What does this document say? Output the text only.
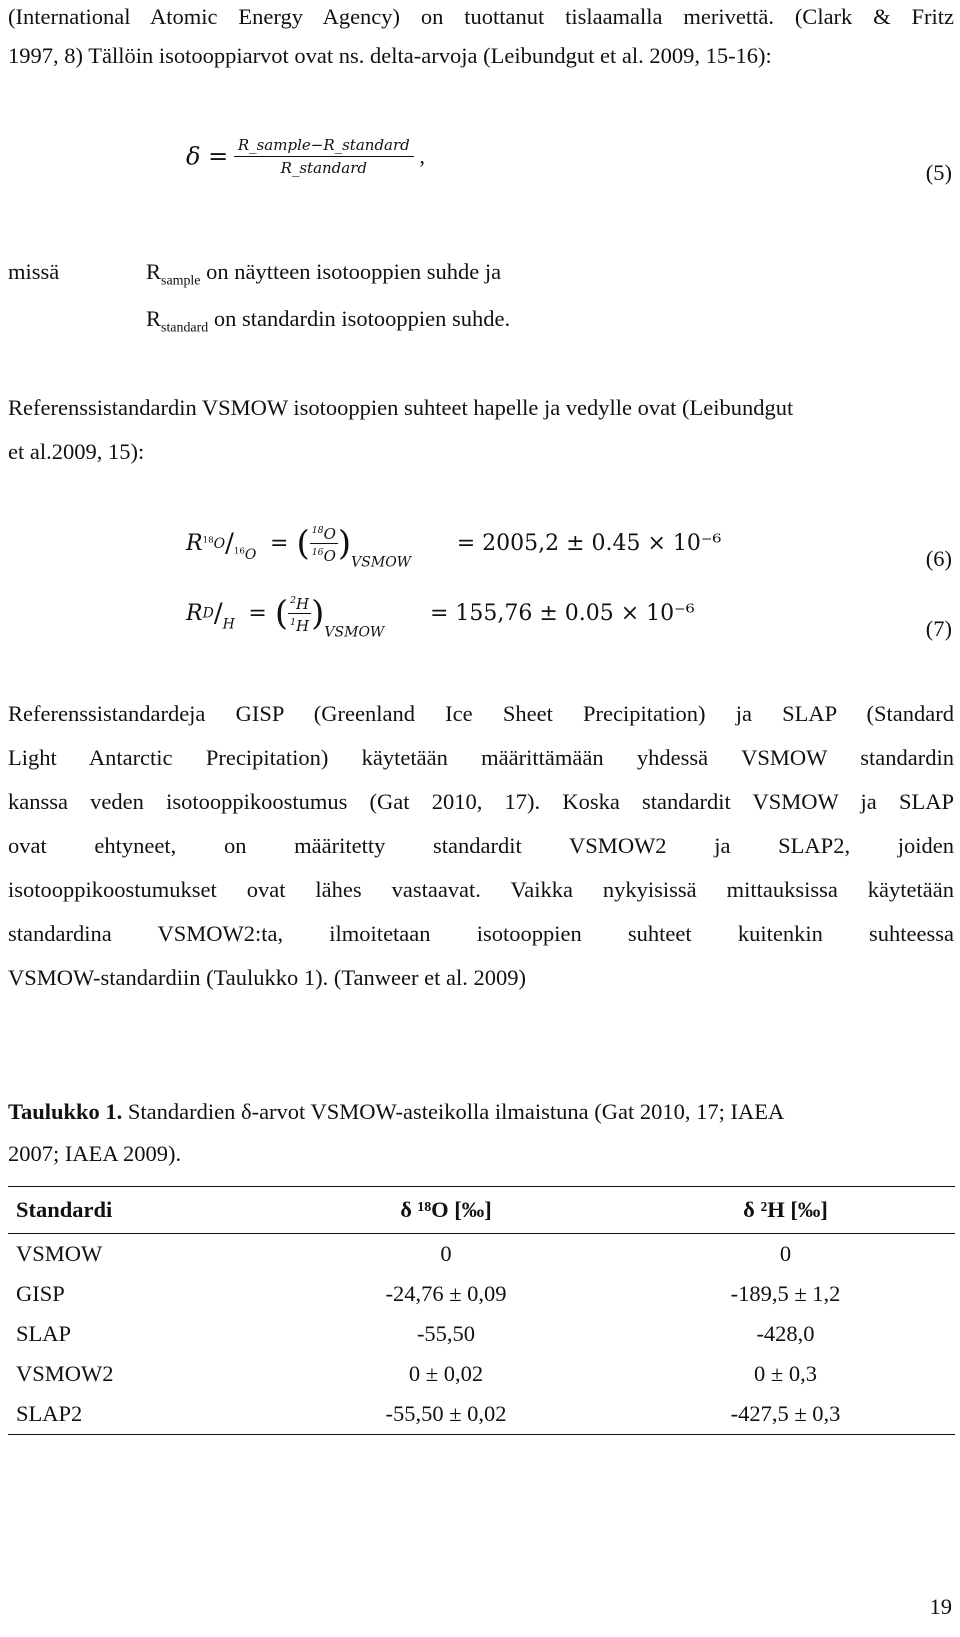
(International Atomic Energy Agency) on tuottanut tislaamalla merivettä. (Clark & Fritz
1997, 8) Tällöin isotooppiarvot ovat ns. delta-arvoja (Leibundgut et al. 2009, 15-16):
$\delta = \frac{\text{R\_sample−R\_standard}}{\text{R\_standard}}$ ,
(5)
missä	$R_{sample}$ on näytteen isotooppien suhde ja
$R_{standard}$ on standardin isotooppien suhde.
Referenssistandardin VSMOW isotooppien suhteet hapelle ja vedylle ovat (Leibundgut
et al.2009, 15):
$R^{18}O/_{^{16}O}$ = ( $\frac{^{18}O}{^{16}O} )_{VSMOW} = 2005,2 \pm 0.45 \times 10^{-6}$
(6)
$RD/_H$ = ( $\frac{^2H}{^1H} )_{VSMOW} = 155,76 \pm 0.05 \times 10^{-6}$
(7)
Referenssistandardeja GISP (Greenland Ice Sheet Precipitation) ja SLAP (Standard
Light Antarctic Precipitation) käytetään määrittämään yhdessä VSMOW standardin
kanssa veden isotooppikoostumus (Gat 2010, 17). Koska standardit VSMOW ja SLAP
ovat ehtyneet, on määritetty standardit VSMOW2 ja SLAP2, joiden
isotooppikoostumukset ovat lähes vastaavat. Vaikka nykyisissä mittauksissa käytetään
standardina VSMOW2:ta, ilmoitetaan isotooppien suhteet kuitenkin suhteessa
VSMOW-standardiin (Taulukko 1). (Tanweer et al. 2009)
Taulukko 1. Standardien δ-arvot VSMOW-asteikolla ilmaistuna (Gat 2010, 17; IAEA
2007; IAEA 2009).
Standardi	δ ¹⁸O [‰]	δ ²H [‰]
VSMOW	0	0
GISP	-24,76 ± 0,09	-189,5 ± 1,2
SLAP	-55,50	-428,0
VSMOW2	0 ± 0,02	0 ± 0,3
SLAP2	-55,50 ± 0,02	-427,5 ± 0,3
19
